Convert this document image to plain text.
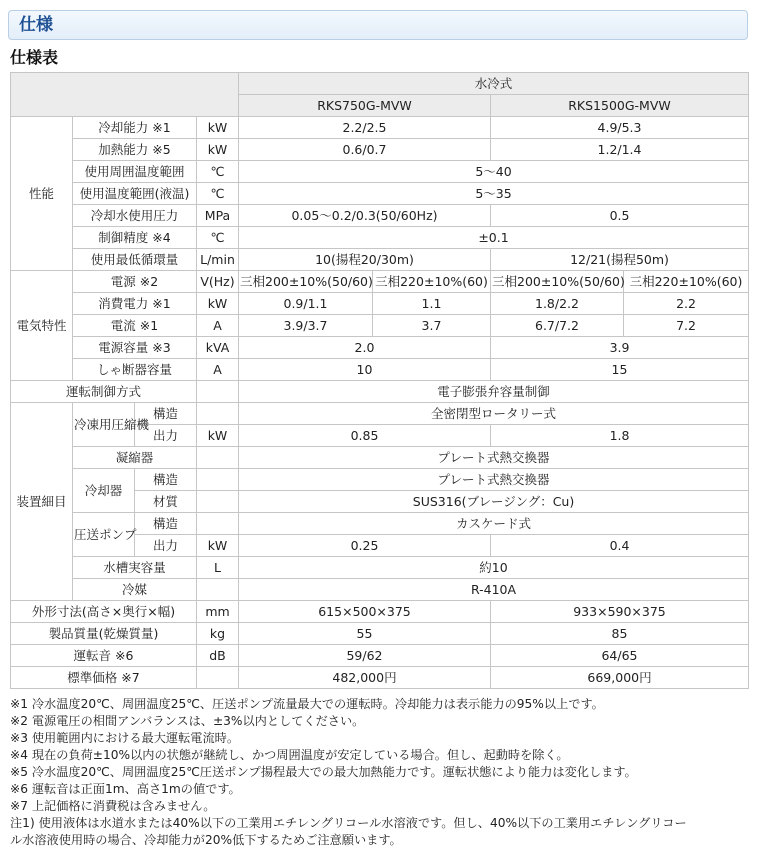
仕様
仕様表
				水冷式			
				RKS750G-MVW		RKS1500G-MVW	
性能	冷却能力 ※1		kW	2.2/2.5		4.9/5.3	
	加熱能力 ※5		kW	0.6/0.7		1.2/1.4	
	使用周囲温度範囲		℃	5～40			
	使用温度範囲(液温)		℃	5～35			
	冷却水使用圧力		MPa	0.05～0.2/0.3(50/60Hz)		0.5	
	制御精度 ※4		℃	±0.1			
	使用最低循環量		L/min	10(揚程20/30m)		12/21(揚程50m)	
電気特性	電源 ※2		V(Hz)	三相200±10%(50/60)	三相220±10%(60)	三相200±10%(50/60)	三相220±10%(60)
	消費電力 ※1		kW	0.9/1.1	1.1	1.8/2.2	2.2
	電流 ※1		A	3.9/3.7	3.7	6.7/7.2	7.2
	電源容量 ※3		kVA	2.0		3.9	
	しゃ断器容量		A	10		15	
運転制御方式				電子膨張弁容量制御			
装置細目	冷凍用圧縮機	構造		全密閉型ロータリー式			
		出力	kW	0.85		1.8	
	凝縮器			プレート式熱交換器			
	冷却器	構造		プレート式熱交換器			
		材質		SUS316(ブレージング：Cu)			
	圧送ポンプ	構造		カスケード式			
		出力	kW	0.25		0.4	
	水槽実容量		L	約10			
	冷媒			R-410A			
外形寸法(高さ×奥行×幅)			mm	615×500×375		933×590×375	
製品質量(乾燥質量)			kg	55		85	
運転音 ※6			dB	59/62		64/65	
標準価格 ※7				482,000円		669,000円	
※1 冷水温度20℃、周囲温度25℃、圧送ポンプ流量最大での運転時。冷却能力は表示能力の95%以上です。
※2 電源電圧の相間アンバランスは、±3%以内としてください。
※3 使用範囲内における最大運転電流時。
※4 現在の負荷±10%以内の状態が継続し、かつ周囲温度が安定している場合。但し、起動時を除く。
※5 冷水温度20℃、周囲温度25℃圧送ポンプ揚程最大での最大加熱能力です。運転状態により能力は変化します。
※6 運転音は正面1m、高さ1mの値です。
※7 上記価格に消費税は含みません。
注1) 使用液体は水道水または40%以下の工業用エチレングリコール水溶液です。但し、40%以下の工業用エチレングリコー
ル水溶液使用時の場合、冷却能力が20%低下するためご注意願います。
